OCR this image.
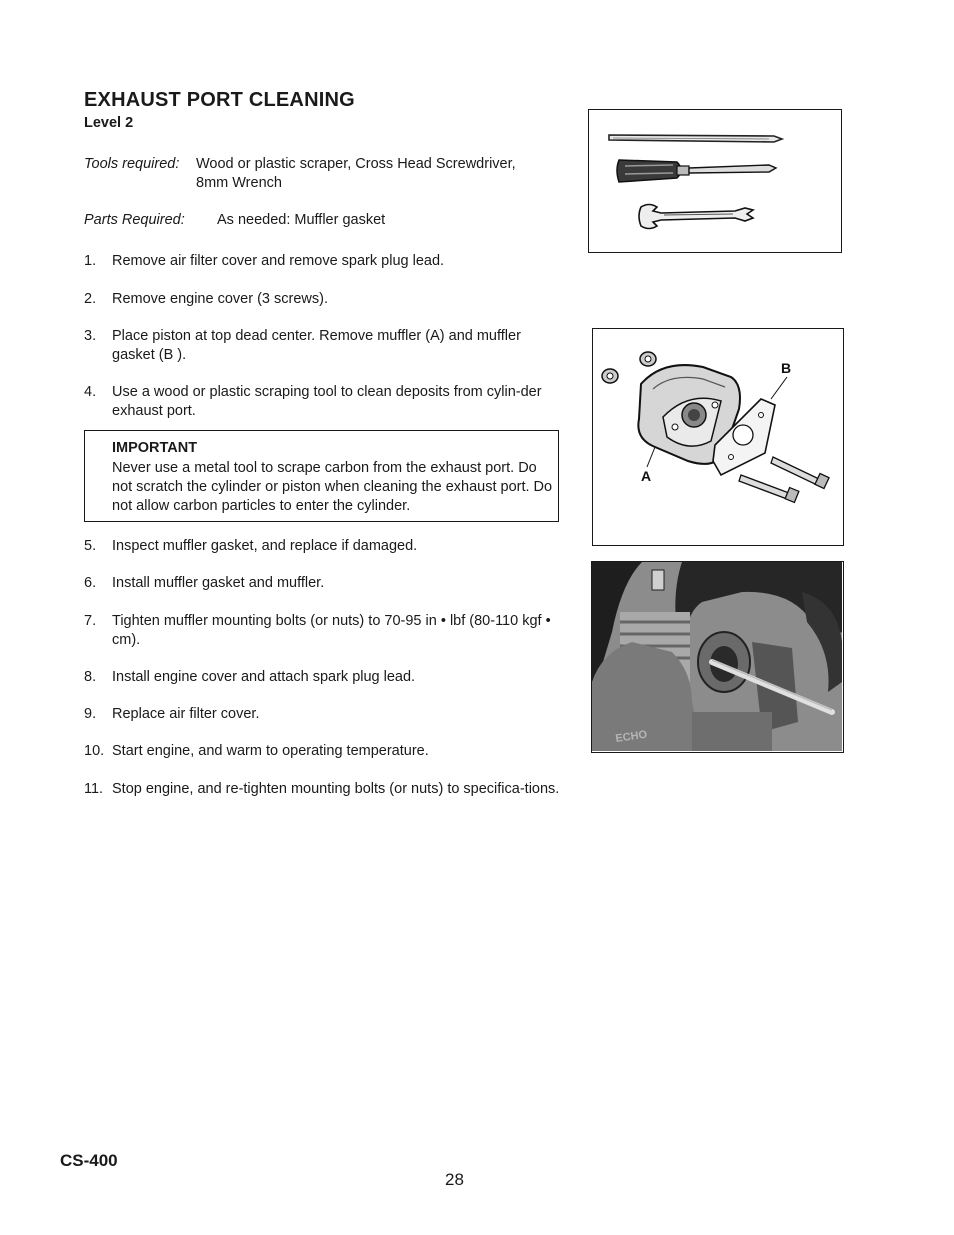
EXHAUST PORT CLEANING
Level 2
Tools required: Wood or plastic scraper, Cross Head Screwdriver,
8mm Wrench
Parts Required: As needed: Muffler gasket
1. Remove air filter cover and remove spark plug lead.
2. Remove engine cover (3 screws).
3. Place piston at top dead center. Remove muffler (A) and muffler gasket (B ).
4. Use a wood or plastic scraping tool to clean deposits from cylin-der exhaust port.
IMPORTANT
Never use a metal tool to scrape carbon from the exhaust port. Do not scratch the cylinder or piston when cleaning the exhaust port. Do not allow carbon particles to enter the cylinder.
5. Inspect muffler gasket, and replace if damaged.
6. Install muffler gasket and muffler.
7. Tighten muffler mounting bolts (or nuts) to 70-95 in • lbf (80-110 kgf • cm).
8. Install engine cover and attach spark plug lead.
9. Replace air filter cover.
10. Start engine, and warm to operating temperature.
11. Stop engine, and re-tighten mounting bolts (or nuts) to specifica-tions.
A
B
ECHO
CS-400
28
